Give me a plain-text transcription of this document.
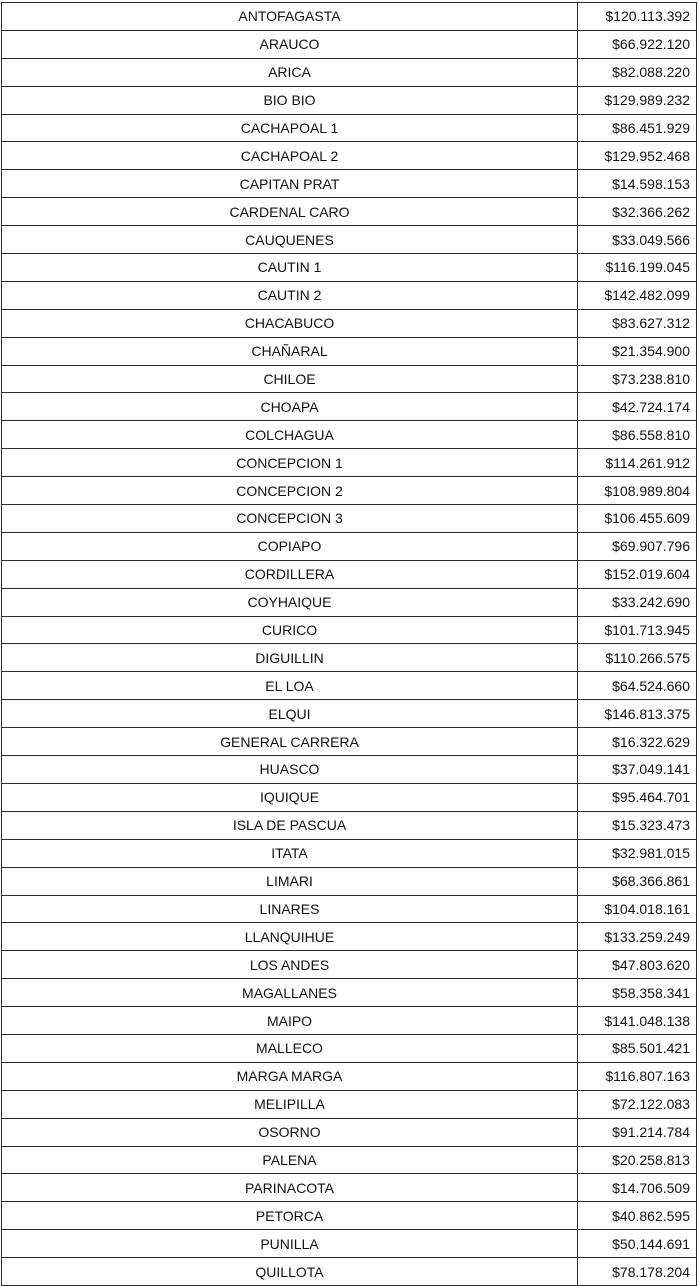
ANTOFAGASTA	$120.113.392
ARAUCO	$66.922.120
ARICA	$82.088.220
BIO BIO	$129.989.232
CACHAPOAL 1	$86.451.929
CACHAPOAL 2	$129.952.468
CAPITAN PRAT	$14.598.153
CARDENAL CARO	$32.366.262
CAUQUENES	$33.049.566
CAUTIN 1	$116.199.045
CAUTIN 2	$142.482.099
CHACABUCO	$83.627.312
CHAÑARAL	$21.354.900
CHILOE	$73.238.810
CHOAPA	$42.724.174
COLCHAGUA	$86.558.810
CONCEPCION 1	$114.261.912
CONCEPCION 2	$108.989.804
CONCEPCION 3	$106.455.609
COPIAPO	$69.907.796
CORDILLERA	$152.019.604
COYHAIQUE	$33.242.690
CURICO	$101.713.945
DIGUILLIN	$110.266.575
EL LOA	$64.524.660
ELQUI	$146.813.375
GENERAL CARRERA	$16.322.629
HUASCO	$37.049.141
IQUIQUE	$95.464.701
ISLA DE PASCUA	$15.323.473
ITATA	$32.981.015
LIMARI	$68.366.861
LINARES	$104.018.161
LLANQUIHUE	$133.259.249
LOS ANDES	$47.803.620
MAGALLANES	$58.358.341
MAIPO	$141.048.138
MALLECO	$85.501.421
MARGA MARGA	$116.807.163
MELIPILLA	$72.122.083
OSORNO	$91.214.784
PALENA	$20.258.813
PARINACOTA	$14.706.509
PETORCA	$40.862.595
PUNILLA	$50.144.691
QUILLOTA	$78.178.204
